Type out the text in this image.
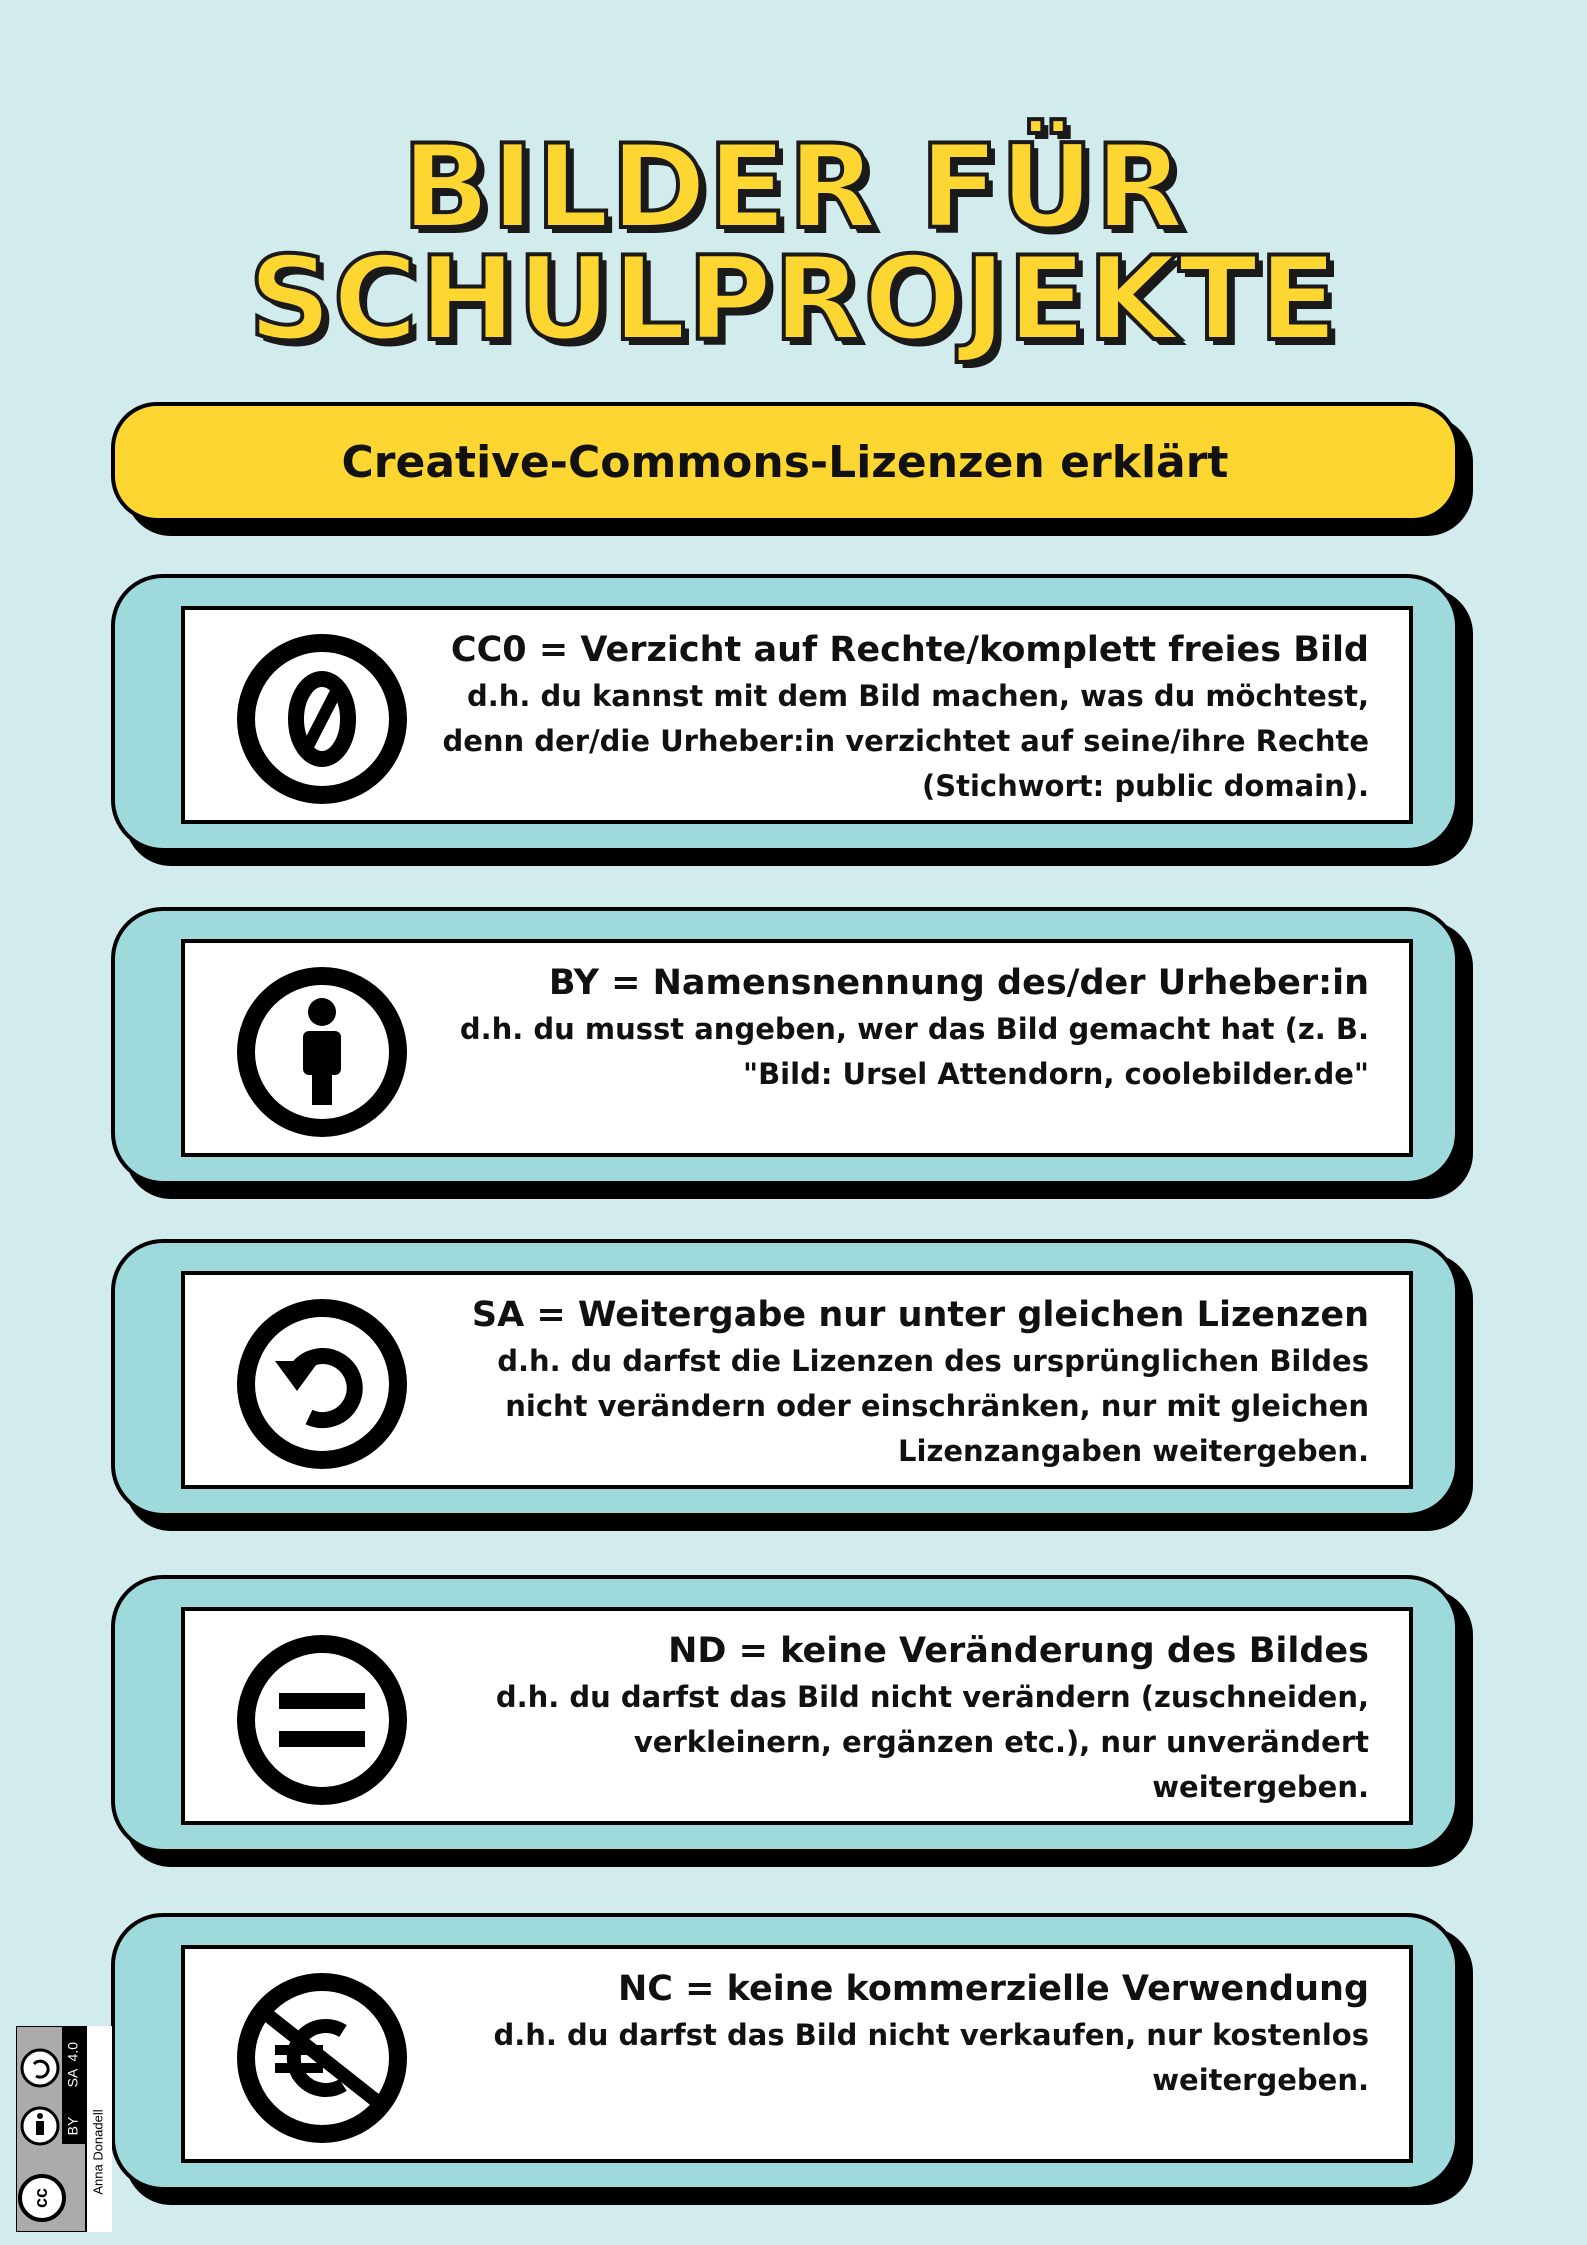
BILDER FÜR
SCHULPROJEKTE
Creative-Commons-Lizenzen erklärt
CC0 = Verzicht auf Rechte/komplett freies Bild
d.h. du kannst mit dem Bild machen, was du möchtest, denn der/die Urheber:in verzichtet auf seine/ihre Rechte (Stichwort: public domain).
BY = Namensnennung des/der Urheber:in
d.h. du musst angeben, wer das Bild gemacht hat (z. B. "Bild: Ursel Attendorn, coolebilder.de"
SA = Weitergabe nur unter gleichen Lizenzen
d.h. du darfst die Lizenzen des ursprünglichen Bildes nicht verändern oder einschränken, nur mit gleichen Lizenzangaben weitergeben.
ND = keine Veränderung des Bildes
d.h. du darfst das Bild nicht verändern (zuschneiden, verkleinern, ergänzen etc.), nur unverändert weitergeben.
NC = keine kommerzielle Verwendung
d.h. du darfst das Bild nicht verkaufen, nur kostenlos weitergeben.
cc
4.0
SA
BY Anna Donadell
